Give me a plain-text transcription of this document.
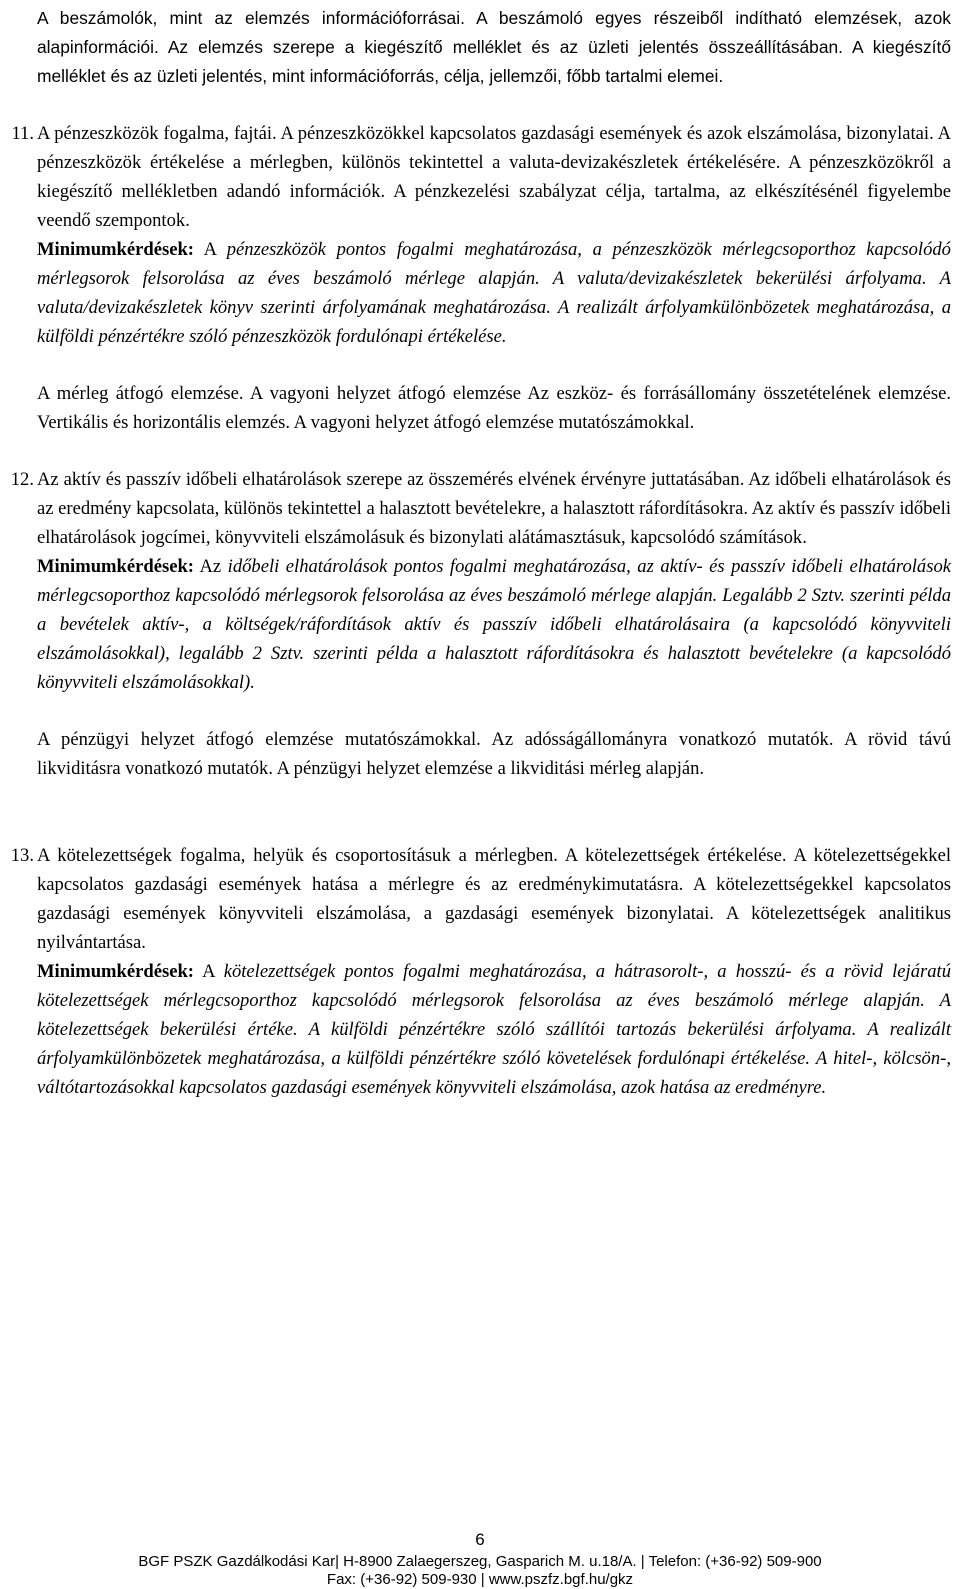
A beszámolók, mint az elemzés információforrásai. A beszámoló egyes részeiből indítható elemzések, azok alapinformációi. Az elemzés szerepe a kiegészítő melléklet és az üzleti jelentés összeállításában. A kiegészítő melléklet és az üzleti jelentés, mint információforrás, célja, jellemzői, főbb tartalmi elemei.

11. A pénzeszközök fogalma, fajtái. A pénzeszközökkel kapcsolatos gazdasági események és azok elszámolása, bizonylatai. A pénzeszközök értékelése a mérlegben, különös tekintettel a valuta-devizakészletek értékelésére. A pénzeszközökről a kiegészítő mellékletben adandó információk. A pénzkezelési szabályzat célja, tartalma, az elkészítésénél figyelembe veendő szempontok.

Minimumkérdések: A pénzeszközök pontos fogalmi meghatározása, a pénzeszközök mérlegcsoporthoz kapcsolódó mérlegsorok felsorolása az éves beszámoló mérlege alapján. A valuta/devizakészletek bekerülési árfolyama. A valuta/devizakészletek könyv szerinti árfolyamának meghatározása. A realizált árfolyamkülönbözetek meghatározása, a külföldi pénzértékre szóló pénzeszközök fordulónapi értékelése.

A mérleg átfogó elemzése. A vagyoni helyzet átfogó elemzése Az eszköz- és forrásállomány összetételének elemzése. Vertikális és horizontális elemzés. A vagyoni helyzet átfogó elemzése mutatószámokkal.

12. Az aktív és passzív időbeli elhatárolások szerepe az összemérés elvének érvényre juttatásában. Az időbeli elhatárolások és az eredmény kapcsolata, különös tekintettel a halasztott bevételekre, a halasztott ráfordításokra. Az aktív és passzív időbeli elhatárolások jogcímei, könyvviteli elszámolásuk és bizonylati alátámasztásuk, kapcsolódó számítások.

Minimumkérdések: Az időbeli elhatárolások pontos fogalmi meghatározása, az aktív- és passzív időbeli elhatárolások mérlegcsoporthoz kapcsolódó mérlegsorok felsorolása az éves beszámoló mérlege alapján. Legalább 2 Sztv. szerinti példa a bevételek aktív-, a költségek/ráfordítások aktív és passzív időbeli elhatárolásaira (a kapcsolódó könyvviteli elszámolásokkal), legalább 2 Sztv. szerinti példa a halasztott ráfordításokra és halasztott bevételekre (a kapcsolódó könyvviteli elszámolásokkal).

A pénzügyi helyzet átfogó elemzése mutatószámokkal. Az adósságállományra vonatkozó mutatók. A rövid távú likviditásra vonatkozó mutatók. A pénzügyi helyzet elemzése a likviditási mérleg alapján.

13. A kötelezettségek fogalma, helyük és csoportosításuk a mérlegben. A kötelezettségek értékelése. A kötelezettségekkel kapcsolatos gazdasági események hatása a mérlegre és az eredménykimutatásra. A kötelezettségekkel kapcsolatos gazdasági események könyvviteli elszámolása, a gazdasági események bizonylatai. A kötelezettségek analitikus nyilvántartása.

Minimumkérdések: A kötelezettségek pontos fogalmi meghatározása, a hátrasorolt-, a hosszú- és a rövid lejáratú kötelezettségek mérlegcsoporthoz kapcsolódó mérlegsorok felsorolása az éves beszámoló mérlege alapján. A kötelezettségek bekerülési értéke. A külföldi pénzértékre szóló szállítói tartozás bekerülési árfolyama. A realizált árfolyamkülönbözetek meghatározása, a külföldi pénzértékre szóló követelések fordulónapi értékelése. A hitel-, kölcsön-, váltótartozásokkal kapcsolatos gazdasági események könyvviteli elszámolása, azok hatása az eredményre.

6
BGF PSZK Gazdálkodási Kar| H-8900 Zalaegerszeg, Gasparich M. u.18/A. | Telefon: (+36-92) 509-900
Fax: (+36-92) 509-930 | www.pszfz.bgf.hu/gkz
